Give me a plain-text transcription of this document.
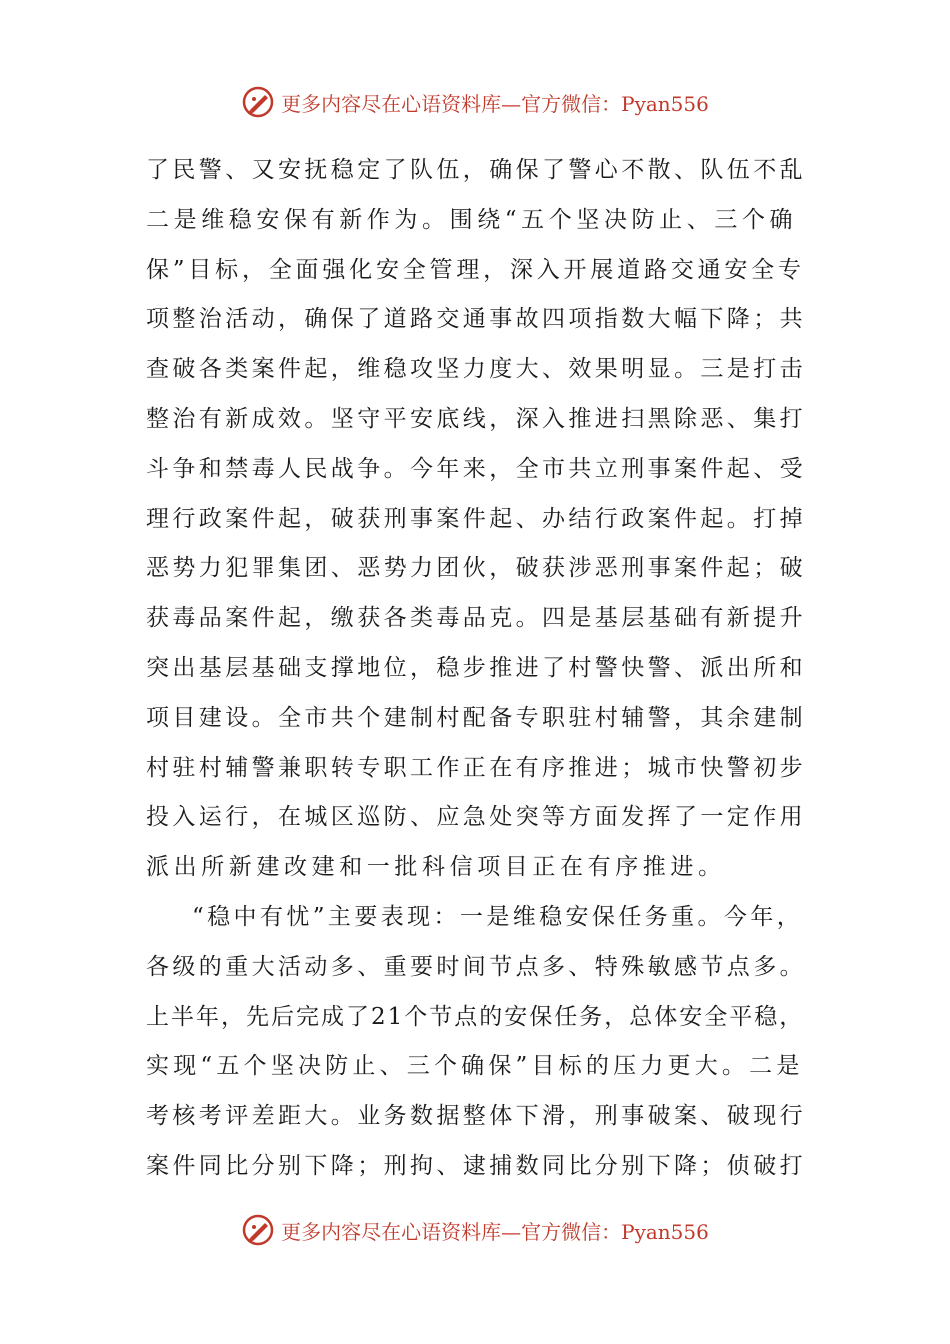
更多内容尽在心语资料库—官方微信：Pyan556
了民警、又安抚稳定了队伍，确保了警心不散、队伍不乱
二是维稳安保有新作为。围绕“五个坚决防止、三个确
保”目标，全面强化安全管理，深入开展道路交通安全专
项整治活动，确保了道路交通事故四项指数大幅下降；共
查破各类案件起，维稳攻坚力度大、效果明显。三是打击
整治有新成效。坚守平安底线，深入推进扫黑除恶、集打
斗争和禁毒人民战争。今年来，全市共立刑事案件起、受
理行政案件起，破获刑事案件起、办结行政案件起。打掉
恶势力犯罪集团、恶势力团伙，破获涉恶刑事案件起；破
获毒品案件起，缴获各类毒品克。四是基层基础有新提升
突出基层基础支撑地位，稳步推进了村警快警、派出所和
项目建设。全市共个建制村配备专职驻村辅警，其余建制
村驻村辅警兼职转专职工作正在有序推进；城市快警初步
投入运行，在城区巡防、应急处突等方面发挥了一定作用
派出所新建改建和一批科信项目正在有序推进。
“稳中有忧”主要表现：一是维稳安保任务重。今年，
各级的重大活动多、重要时间节点多、特殊敏感节点多。
上半年，先后完成了21个节点的安保任务，总体安全平稳，
实现“五个坚决防止、三个确保”目标的压力更大。二是
考核考评差距大。业务数据整体下滑，刑事破案、破现行
案件同比分别下降；刑拘、逮捕数同比分别下降；侦破打
更多内容尽在心语资料库—官方微信：Pyan556
